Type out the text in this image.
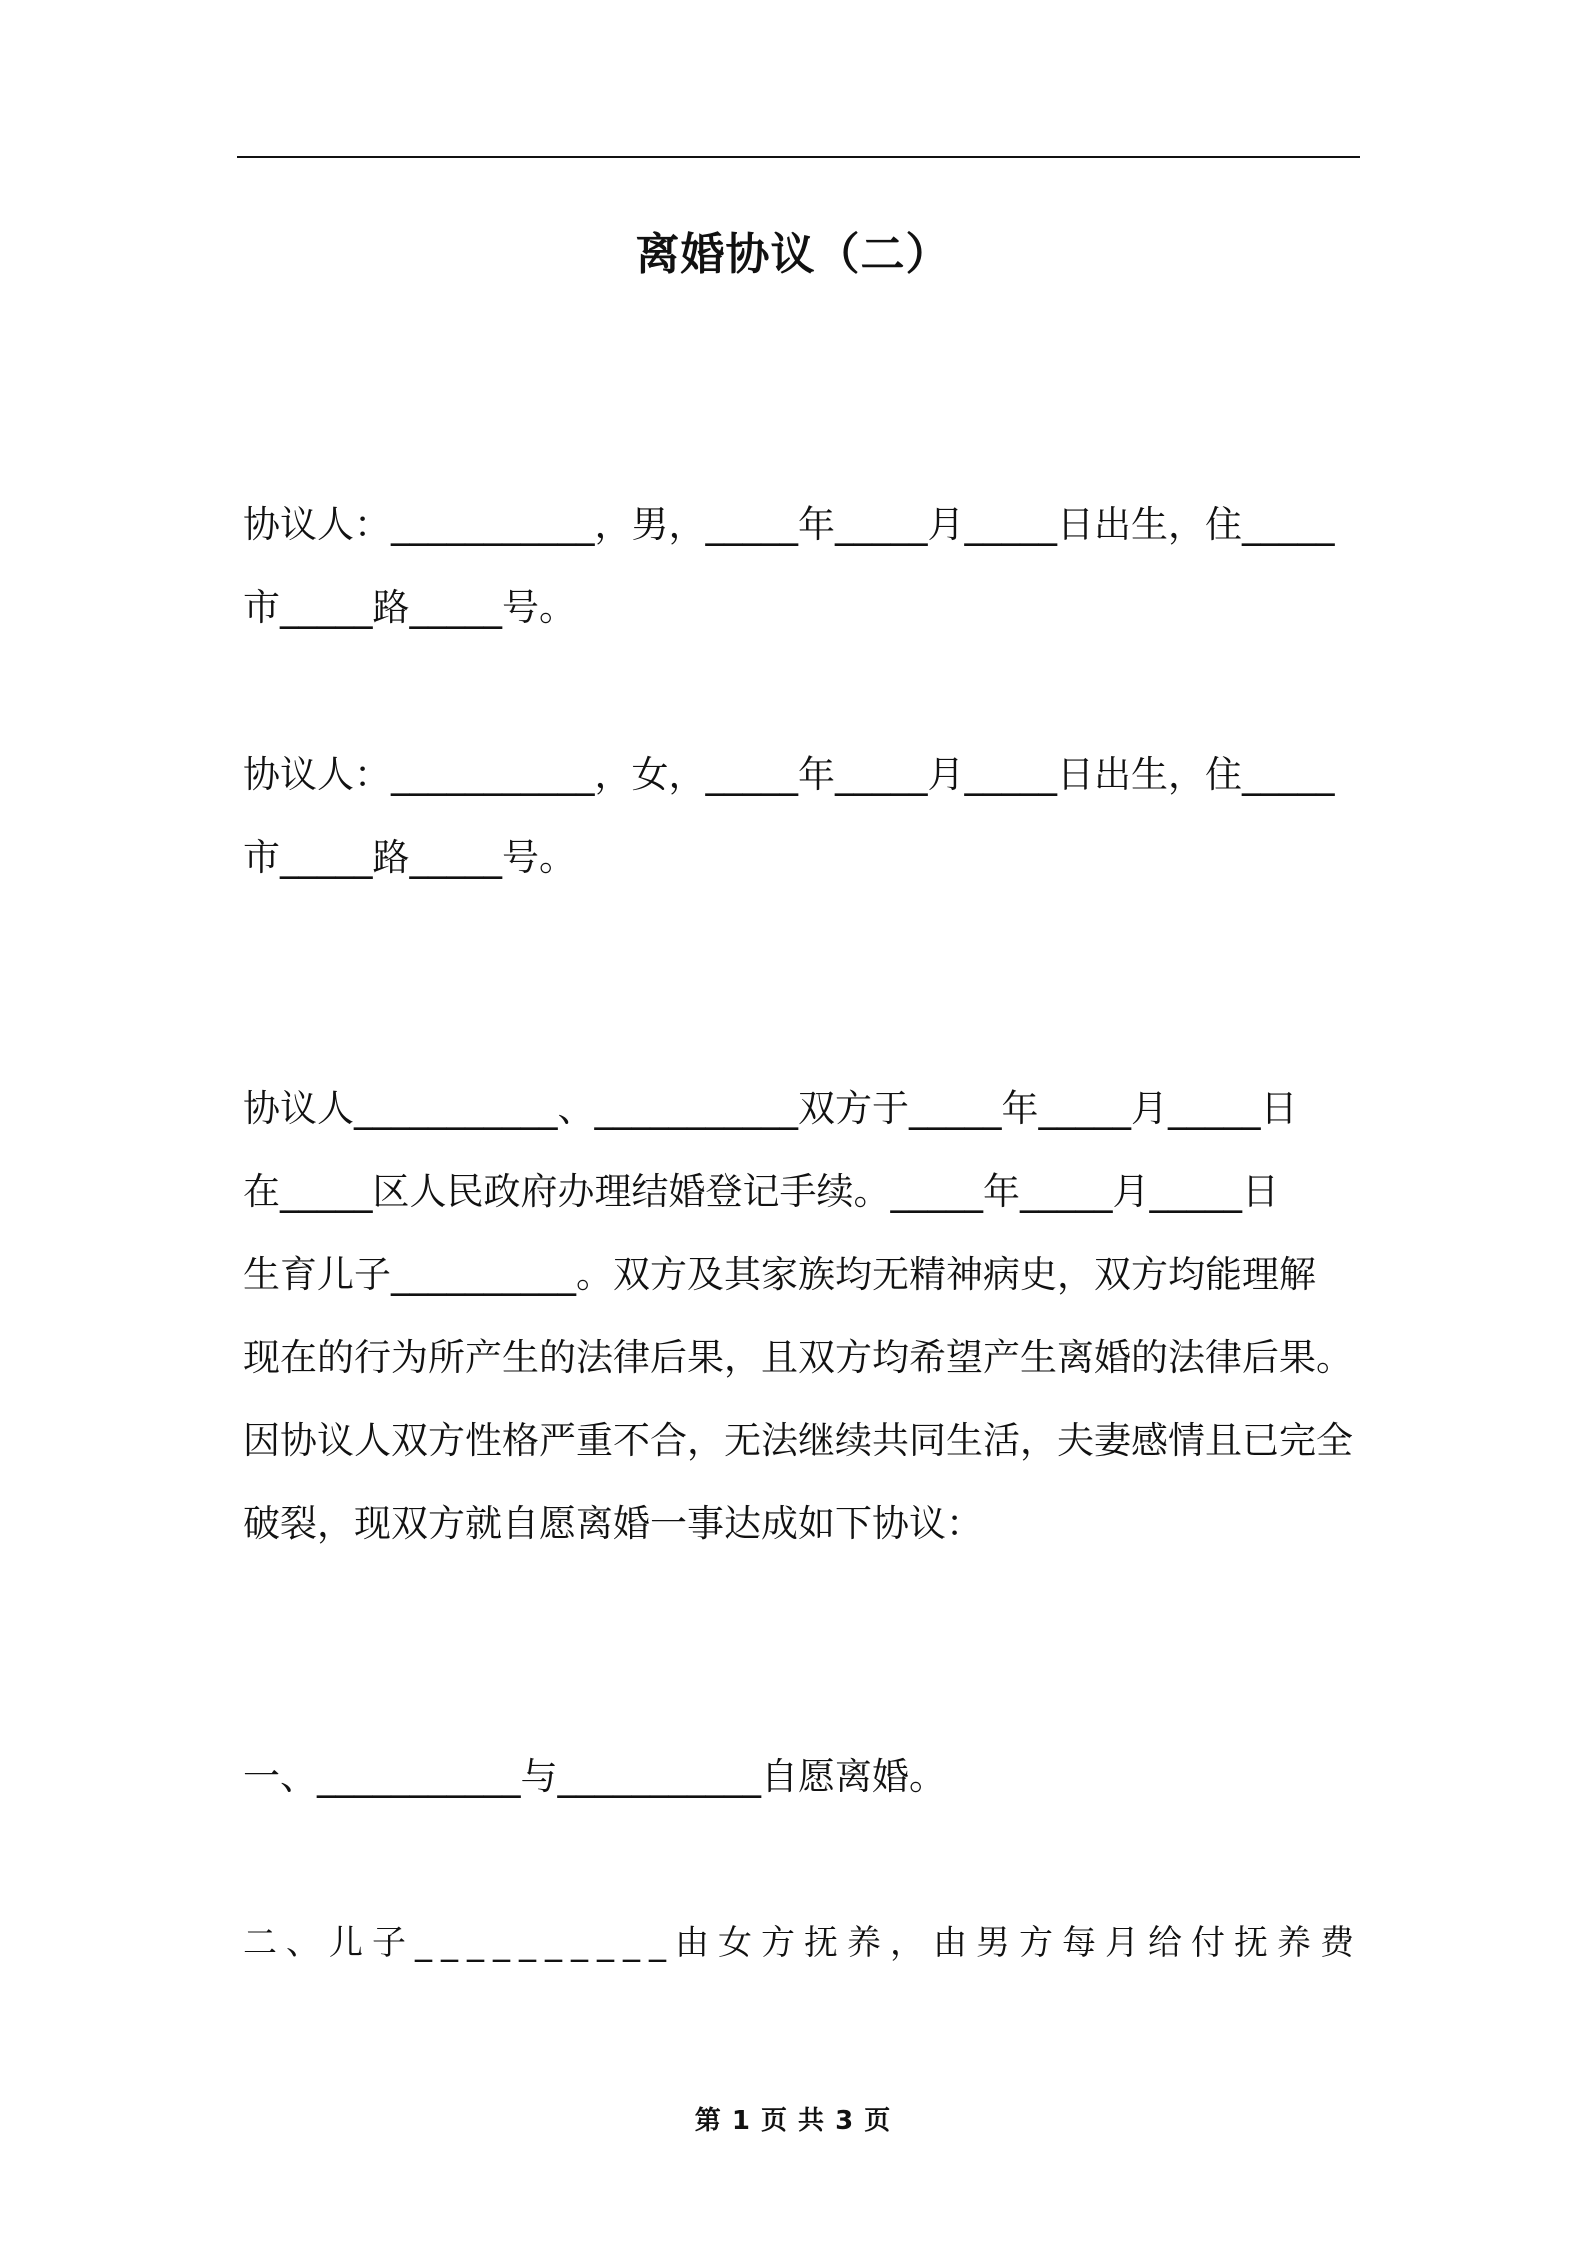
离婚协议（二）
协议人：___________，男，_____年_____月_____日出生，住_____
市_____路_____号。
协议人：___________，女，_____年_____月_____日出生，住_____
市_____路_____号。
协议人___________、___________双方于_____年_____月_____日
在_____区人民政府办理结婚登记手续。_____年_____月_____日
生育儿子__________。双方及其家族均无精神病史，双方均能理解
现在的行为所产生的法律后果，且双方均希望产生离婚的法律后果。
因协议人双方性格严重不合，无法继续共同生活，夫妻感情且已完全
破裂，现双方就自愿离婚一事达成如下协议：
一、___________与___________自愿离婚。
二、儿子__________由女方抚养，由男方每月给付抚养费
第 1 页 共 3 页
